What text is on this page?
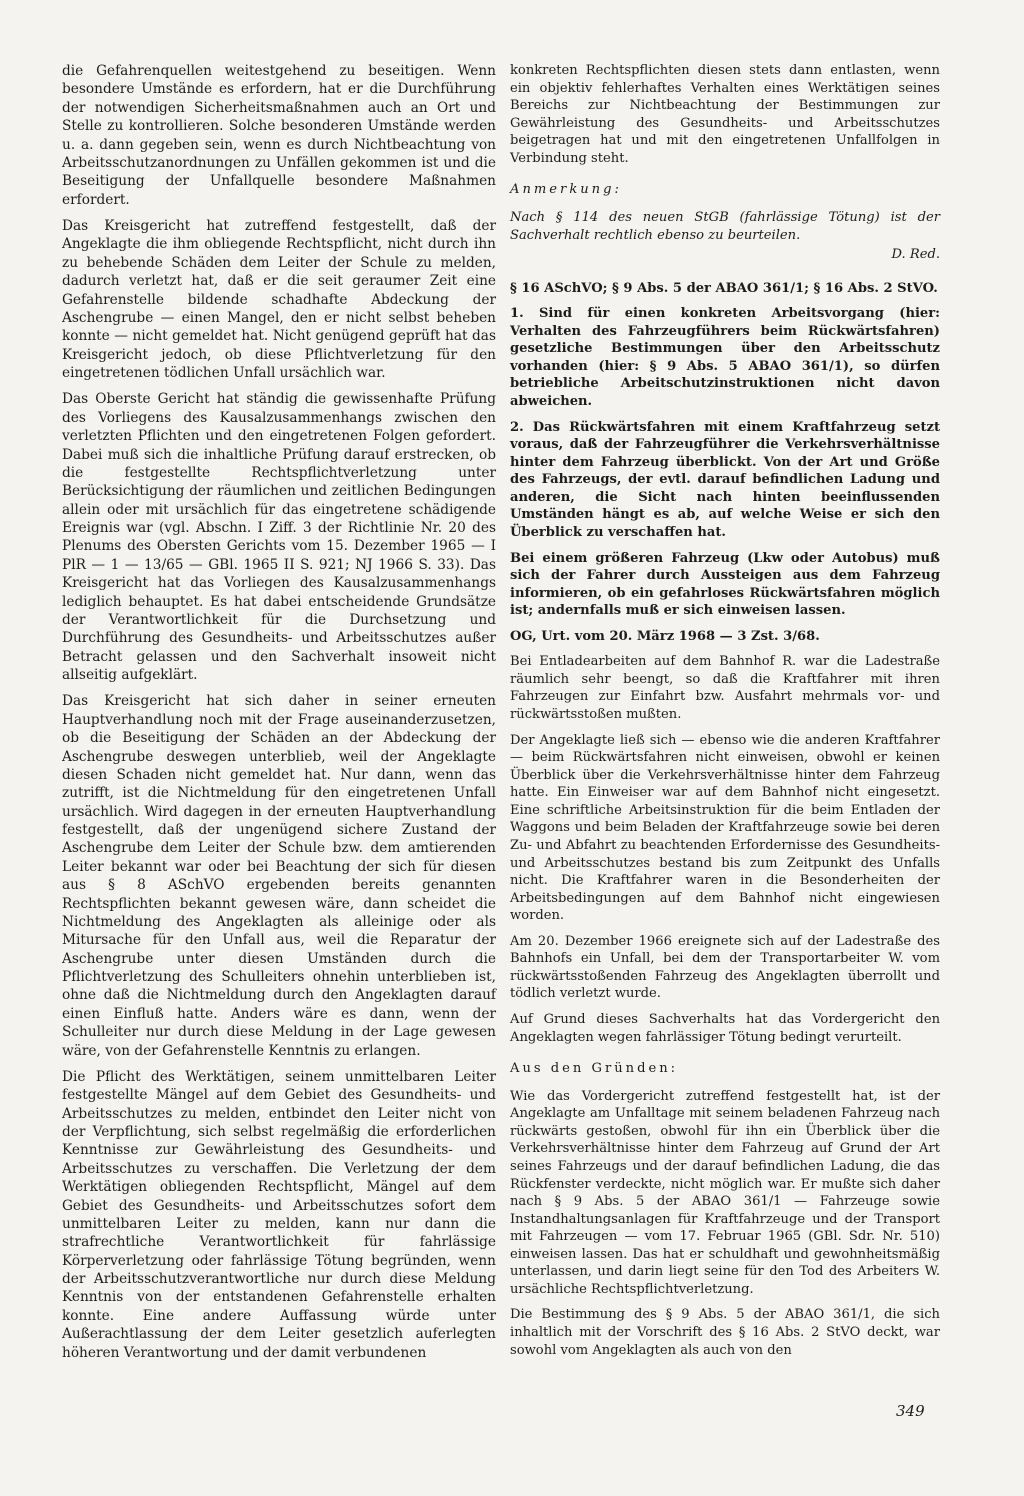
die Gefahrenquellen weitestgehend zu beseitigen. Wenn besondere Umstände es erfordern, hat er die Durchführung der notwendigen Sicherheitsmaßnahmen auch an Ort und Stelle zu kontrollieren. Solche besonderen Umstände werden u. a. dann gegeben sein, wenn es durch Nichtbeachtung von Arbeitsschutzanordnungen zu Unfällen gekommen ist und die Beseitigung der Unfallquelle besondere Maßnahmen erfordert.

Das Kreisgericht hat zutreffend festgestellt, daß der Angeklagte die ihm obliegende Rechtspflicht, nicht durch ihn zu behebende Schäden dem Leiter der Schule zu melden, dadurch verletzt hat, daß er die seit geraumer Zeit eine Gefahrenstelle bildende schadhafte Abdeckung der Aschengrube — einen Mangel, den er nicht selbst beheben konnte — nicht gemeldet hat. Nicht genügend geprüft hat das Kreisgericht jedoch, ob diese Pflichtverletzung für den eingetretenen tödlichen Unfall ursächlich war.

Das Oberste Gericht hat ständig die gewissenhafte Prüfung des Vorliegens des Kausalzusammenhangs zwischen den verletzten Pflichten und den eingetretenen Folgen gefordert. Dabei muß sich die inhaltliche Prüfung darauf erstrecken, ob die festgestellte Rechtspflichtverletzung unter Berücksichtigung der räumlichen und zeitlichen Bedingungen allein oder mit ursächlich für das eingetretene schädigende Ereignis war (vgl. Abschn. I Ziff. 3 der Richtlinie Nr. 20 des Plenums des Obersten Gerichts vom 15. Dezember 1965 — I PlR — 1 — 13/65 — GBl. 1965 II S. 921; NJ 1966 S. 33). Das Kreisgericht hat das Vorliegen des Kausalzusammenhangs lediglich behauptet. Es hat dabei entscheidende Grundsätze der Verantwortlichkeit für die Durchsetzung und Durchführung des Gesundheits- und Arbeitsschutzes außer Betracht gelassen und den Sachverhalt insoweit nicht allseitig aufgeklärt.

Das Kreisgericht hat sich daher in seiner erneuten Hauptverhandlung noch mit der Frage auseinanderzusetzen, ob die Beseitigung der Schäden an der Abdeckung der Aschengrube deswegen unterblieb, weil der Angeklagte diesen Schaden nicht gemeldet hat. Nur dann, wenn das zutrifft, ist die Nichtmeldung für den eingetretenen Unfall ursächlich. Wird dagegen in der erneuten Hauptverhandlung festgestellt, daß der ungenügend sichere Zustand der Aschengrube dem Leiter der Schule bzw. dem amtierenden Leiter bekannt war oder bei Beachtung der sich für diesen aus § 8 ASchVO ergebenden bereits genannten Rechtspflichten bekannt gewesen wäre, dann scheidet die Nichtmeldung des Angeklagten als alleinige oder als Mitursache für den Unfall aus, weil die Reparatur der Aschengrube unter diesen Umständen durch die Pflichtverletzung des Schulleiters ohnehin unterblieben ist, ohne daß die Nichtmeldung durch den Angeklagten darauf einen Einfluß hatte. Anders wäre es dann, wenn der Schulleiter nur durch diese Meldung in der Lage gewesen wäre, von der Gefahrenstelle Kenntnis zu erlangen.

Die Pflicht des Werktätigen, seinem unmittelbaren Leiter festgestellte Mängel auf dem Gebiet des Gesundheits- und Arbeitsschutzes zu melden, entbindet den Leiter nicht von der Verpflichtung, sich selbst regelmäßig die erforderlichen Kenntnisse zur Gewährleistung des Gesundheits- und Arbeitsschutzes zu verschaffen. Die Verletzung der dem Werktätigen obliegenden Rechtspflicht, Mängel auf dem Gebiet des Gesundheits- und Arbeitsschutzes sofort dem unmittelbaren Leiter zu melden, kann nur dann die strafrechtliche Verantwortlichkeit für fahrlässige Körperverletzung oder fahrlässige Tötung begründen, wenn der Arbeitsschutzverantwortliche nur durch diese Meldung Kenntnis von der entstandenen Gefahrenstelle erhalten konnte. Eine andere Auffassung würde unter Außerachtlassung der dem Leiter gesetzlich auferlegten höheren Verantwortung und der damit verbundenen

konkreten Rechtspflichten diesen stets dann entlasten, wenn ein objektiv fehlerhaftes Verhalten eines Werktätigen seines Bereichs zur Nichtbeachtung der Bestimmungen zur Gewährleistung des Gesundheits- und Arbeitsschutzes beigetragen hat und mit den eingetretenen Unfallfolgen in Verbindung steht.

Anmerkung:

Nach § 114 des neuen StGB (fahrlässige Tötung) ist der Sachverhalt rechtlich ebenso zu beurteilen.

D. Red.

§ 16 ASchVO; § 9 Abs. 5 der ABAO 361/1; § 16 Abs. 2 StVO.

1. Sind für einen konkreten Arbeitsvorgang (hier: Verhalten des Fahrzeugführers beim Rückwärtsfahren) gesetzliche Bestimmungen über den Arbeitsschutz vorhanden (hier: § 9 Abs. 5 ABAO 361/1), so dürfen betriebliche Arbeitschutzinstruktionen nicht davon abweichen.

2. Das Rückwärtsfahren mit einem Kraftfahrzeug setzt voraus, daß der Fahrzeugführer die Verkehrsverhältnisse hinter dem Fahrzeug überblickt. Von der Art und Größe des Fahrzeugs, der evtl. darauf befindlichen Ladung und anderen, die Sicht nach hinten beeinflussenden Umständen hängt es ab, auf welche Weise er sich den Überblick zu verschaffen hat.

Bei einem größeren Fahrzeug (Lkw oder Autobus) muß sich der Fahrer durch Aussteigen aus dem Fahrzeug informieren, ob ein gefahrloses Rückwärtsfahren möglich ist; andernfalls muß er sich einweisen lassen.

OG, Urt. vom 20. März 1968 — 3 Zst. 3/68.

Bei Entladearbeiten auf dem Bahnhof R. war die Ladestraße räumlich sehr beengt, so daß die Kraftfahrer mit ihren Fahrzeugen zur Einfahrt bzw. Ausfahrt mehrmals vor- und rückwärtsstoßen mußten.

Der Angeklagte ließ sich — ebenso wie die anderen Kraftfahrer — beim Rückwärtsfahren nicht einweisen, obwohl er keinen Überblick über die Verkehrsverhältnisse hinter dem Fahrzeug hatte. Ein Einweiser war auf dem Bahnhof nicht eingesetzt. Eine schriftliche Arbeitsinstruktion für die beim Entladen der Waggons und beim Beladen der Kraftfahrzeuge sowie bei deren Zu- und Abfahrt zu beachtenden Erfordernisse des Gesundheits- und Arbeitsschutzes bestand bis zum Zeitpunkt des Unfalls nicht. Die Kraftfahrer waren in die Besonderheiten der Arbeitsbedingungen auf dem Bahnhof nicht eingewiesen worden.

Am 20. Dezember 1966 ereignete sich auf der Ladestraße des Bahnhofs ein Unfall, bei dem der Transportarbeiter W. vom rückwärtsstoßenden Fahrzeug des Angeklagten überrollt und tödlich verletzt wurde.

Auf Grund dieses Sachverhalts hat das Vordergericht den Angeklagten wegen fahrlässiger Tötung bedingt verurteilt.

Aus den Gründen:

Wie das Vordergericht zutreffend festgestellt hat, ist der Angeklagte am Unfalltage mit seinem beladenen Fahrzeug nach rückwärts gestoßen, obwohl für ihn ein Überblick über die Verkehrsverhältnisse hinter dem Fahrzeug auf Grund der Art seines Fahrzeugs und der darauf befindlichen Ladung, die das Rückfenster verdeckte, nicht möglich war. Er mußte sich daher nach § 9 Abs. 5 der ABAO 361/1 — Fahrzeuge sowie Instandhaltungsanlagen für Kraftfahrzeuge und der Transport mit Fahrzeugen — vom 17. Februar 1965 (GBl. Sdr. Nr. 510) einweisen lassen. Das hat er schuldhaft und gewohnheitsmäßig unterlassen, und darin liegt seine für den Tod des Arbeiters W. ursächliche Rechtspflichtverletzung.

Die Bestimmung des § 9 Abs. 5 der ABAO 361/1, die sich inhaltlich mit der Vorschrift des § 16 Abs. 2 StVO deckt, war sowohl vom Angeklagten als auch von den

349
